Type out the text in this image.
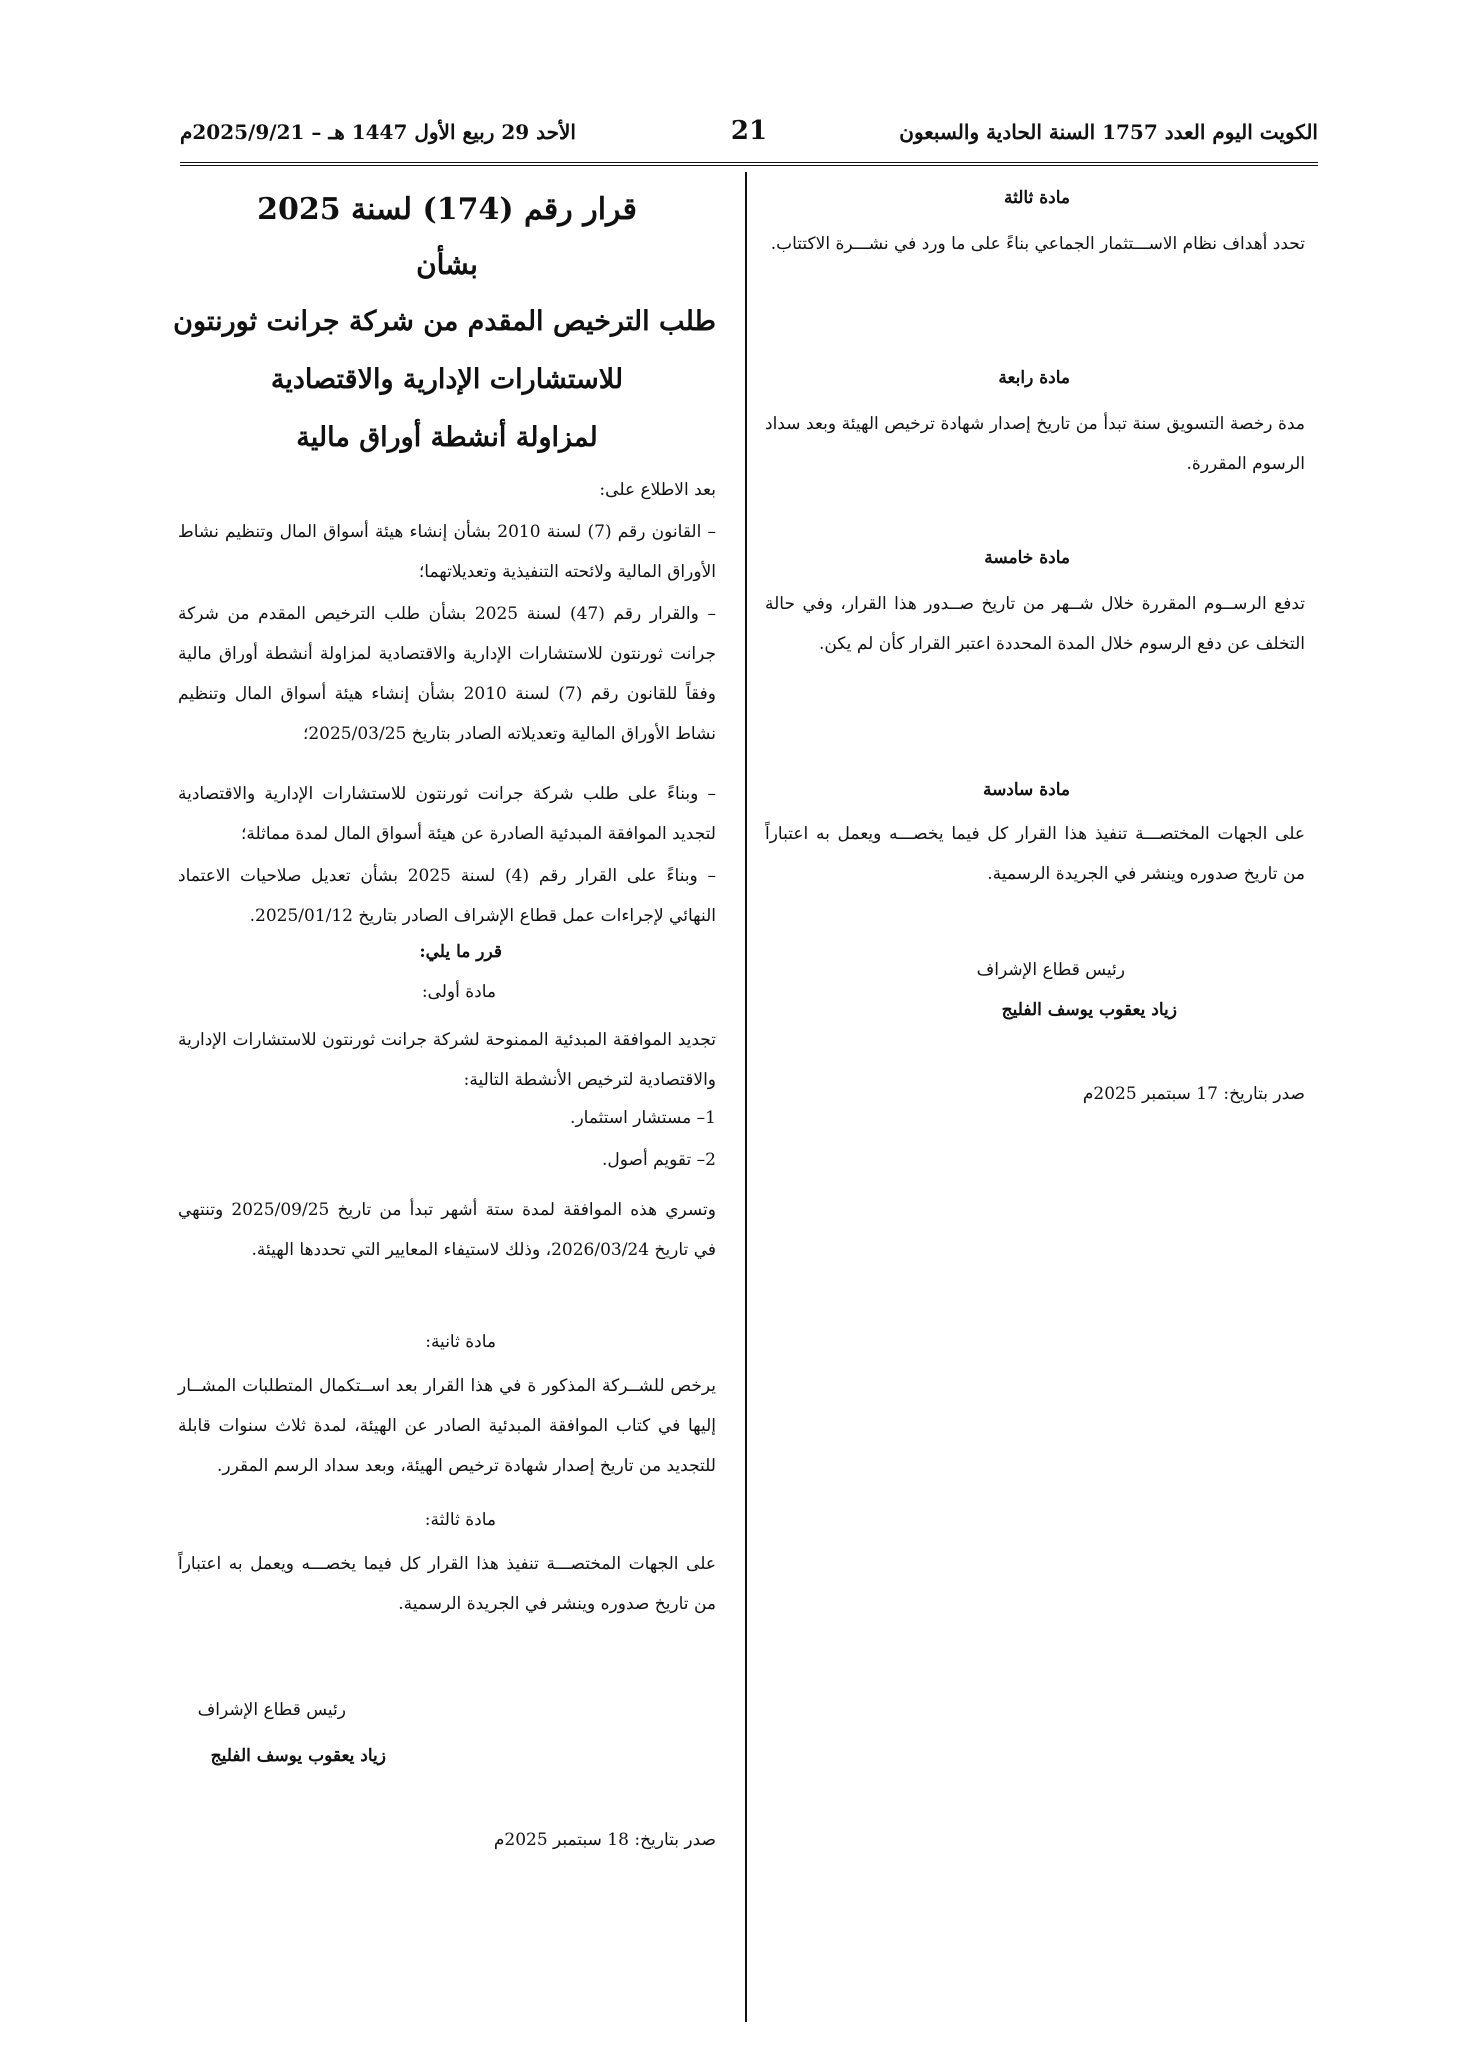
الكويت اليوم العدد 1757 السنة الحادية والسبعون
21
الأحد 29 ربيع الأول 1447 هـ – 2025/9/21م
مادة ثالثة
تحدد أهداف نظام الاســـتثمار الجماعي بناءً على ما ورد في نشـــرة الاكتتاب.
مادة رابعة
مدة رخصة التسويق سنة تبدأ من تاريخ إصدار شهادة ترخيص الهيئة وبعد سداد الرسوم المقررة.
مادة خامسة
تدفع الرســوم المقررة خلال شــهر من تاريخ صــدور هذا القرار، وفي حالة التخلف عن دفع الرسوم خلال المدة المحددة اعتبر القرار كأن لم يكن.
مادة سادسة
على الجهات المختصـــة تنفيذ هذا القرار كل فيما يخصـــه ويعمل به اعتباراً من تاريخ صدوره وينشر في الجريدة الرسمية.
رئيس قطاع الإشراف
زياد يعقوب يوسف الفليج
صدر بتاريخ: 17 سبتمبر 2025م
قرار رقم (174) لسنة 2025
بشأن
طلب الترخيص المقدم من شركة جرانت ثورنتون
للاستشارات الإدارية والاقتصادية
لمزاولة أنشطة أوراق مالية
بعد الاطلاع على:
– القانون رقم (7) لسنة 2010 بشأن إنشاء هيئة أسواق المال وتنظيم نشاط الأوراق المالية ولائحته التنفيذية وتعديلاتهما؛
– والقرار رقم (47) لسنة 2025 بشأن طلب الترخيص المقدم من شركة جرانت ثورنتون للاستشارات الإدارية والاقتصادية لمزاولة أنشطة أوراق مالية وفقاً للقانون رقم (7) لسنة 2010 بشأن إنشاء هيئة أسواق المال وتنظيم نشاط الأوراق المالية وتعديلاته الصادر بتاريخ 2025/03/25؛
– وبناءً على طلب شركة جرانت ثورنتون للاستشارات الإدارية والاقتصادية لتجديد الموافقة المبدئية الصادرة عن هيئة أسواق المال لمدة مماثلة؛
– وبناءً على القرار رقم (4) لسنة 2025 بشأن تعديل صلاحيات الاعتماد النهائي لإجراءات عمل قطاع الإشراف الصادر بتاريخ 2025/01/12.
قرر ما يلي:
مادة أولى:
تجديد الموافقة المبدئية الممنوحة لشركة جرانت ثورنتون للاستشارات الإدارية والاقتصادية لترخيص الأنشطة التالية:
1– مستشار استثمار.
2– تقويم أصول.
وتسري هذه الموافقة لمدة ستة أشهر تبدأ من تاريخ 2025/09/25 وتنتهي في تاريخ 2026/03/24، وذلك لاستيفاء المعايير التي تحددها الهيئة.
مادة ثانية:
يرخص للشــركة المذكور ة في هذا القرار بعد اســتكمال المتطلبات المشــار إليها في كتاب الموافقة المبدئية الصادر عن الهيئة، لمدة ثلاث سنوات قابلة للتجديد من تاريخ إصدار شهادة ترخيص الهيئة، وبعد سداد الرسم المقرر.
مادة ثالثة:
على الجهات المختصـــة تنفيذ هذا القرار كل فيما يخصـــه ويعمل به اعتباراً من تاريخ صدوره وينشر في الجريدة الرسمية.
رئيس قطاع الإشراف
زياد يعقوب يوسف الفليج
صدر بتاريخ: 18 سبتمبر 2025م
